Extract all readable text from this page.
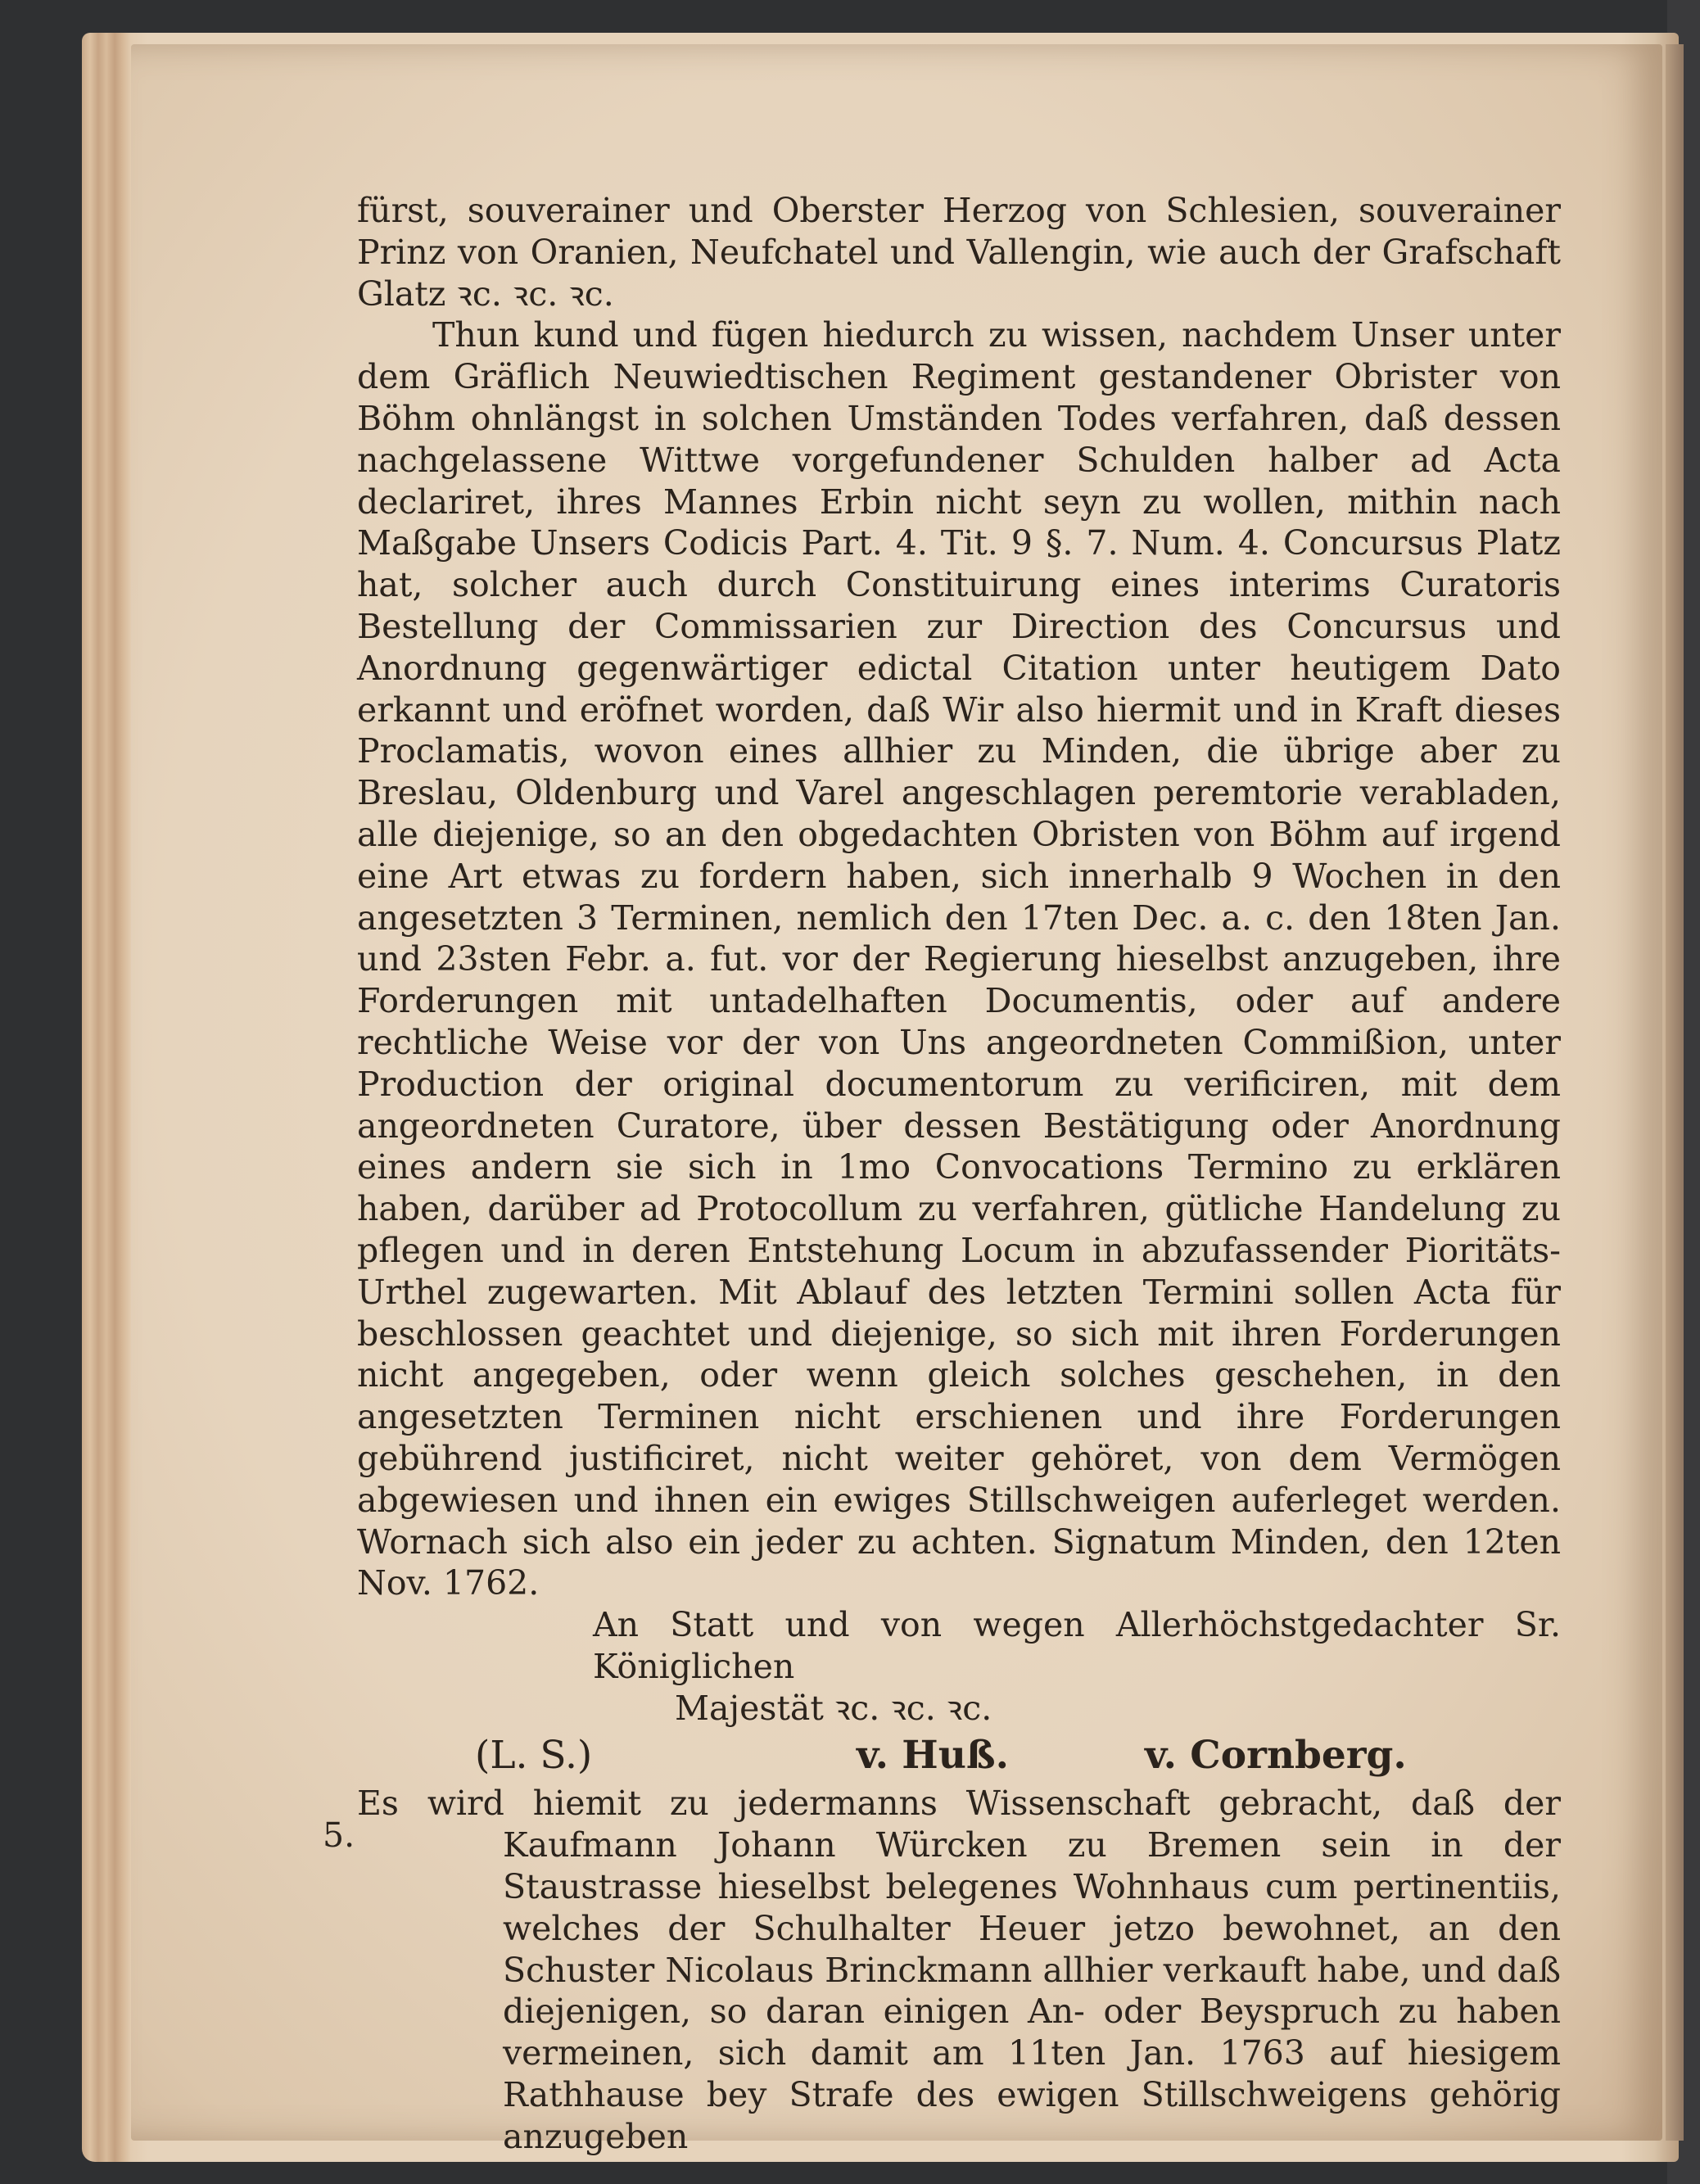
fürst, souverainer und Oberster Herzog von Schlesien, souverainer Prinz von Oranien, Neufchatel und Vallengin, wie auch der Grafschaft Glatz ꝛc. ꝛc. ꝛc.

Thun kund und fügen hiedurch zu wissen, nachdem Unser unter dem Gräflich Neuwiedtischen Regiment gestandener Obrister von Böhm ohnlängst in solchen Umständen Todes verfahren, daß dessen nachgelassene Wittwe vorgefundener Schulden halber ad Acta declariret, ihres Mannes Erbin nicht seyn zu wollen, mithin nach Maßgabe Unsers Codicis Part. 4. Tit. 9 §. 7. Num. 4. Concursus Platz hat, solcher auch durch Constituirung eines interims Curatoris Bestellung der Commissarien zur Direction des Concursus und Anordnung gegenwärtiger edictal Citation unter heutigem Dato erkannt und eröfnet worden, daß Wir also hiermit und in Kraft dieses Proclamatis, wovon eines allhier zu Minden, die übrige aber zu Breslau, Oldenburg und Varel angeschlagen peremtorie verabladen, alle diejenige, so an den obgedachten Obristen von Böhm auf irgend eine Art etwas zu fordern haben, sich innerhalb 9 Wochen in den angesetzten 3 Terminen, nemlich den 17ten Dec. a. c. den 18ten Jan. und 23sten Febr. a. fut. vor der Regierung hieselbst anzugeben, ihre Forderungen mit untadelhaften Documentis, oder auf andere rechtliche Weise vor der von Uns angeordneten Commißion, unter Production der original documentorum zu verificiren, mit dem angeordneten Curatore, über dessen Bestätigung oder Anordnung eines andern sie sich in 1mo Convocations Termino zu erklären haben, darüber ad Protocollum zu verfahren, gütliche Handelung zu pflegen und in deren Entstehung Locum in abzufassender Pioritäts-Urthel zugewarten. Mit Ablauf des letzten Termini sollen Acta für beschlossen geachtet und diejenige, so sich mit ihren Forderungen nicht angegeben, oder wenn gleich solches geschehen, in den angesetzten Terminen nicht erschienen und ihre Forderungen gebührend justificiret, nicht weiter gehöret, von dem Vermögen abgewiesen und ihnen ein ewiges Stillschweigen auferleget werden. Wornach sich also ein jeder zu achten. Signatum Minden, den 12ten Nov. 1762.

An Statt und von wegen Allerhöchstgedachter Sr. Königlichen
Majestät ꝛc. ꝛc. ꝛc.

(L. S.)	v. Huß.	v. Cornberg.

5.
Es wird hiemit zu jedermanns Wissenschaft gebracht, daß der Kaufmann Johann Würcken zu Bremen sein in der Staustrasse hieselbst belegenes Wohnhaus cum pertinentiis, welches der Schulhalter Heuer jetzo bewohnet, an den Schuster Nicolaus Brinckmann allhier verkauft habe, und daß diejenigen, so daran einigen An- oder Beyspruch zu haben vermeinen, sich damit am 11ten Jan. 1763 auf hiesigem Rathhause bey Strafe des ewigen Stillschweigens gehörig anzugeben
